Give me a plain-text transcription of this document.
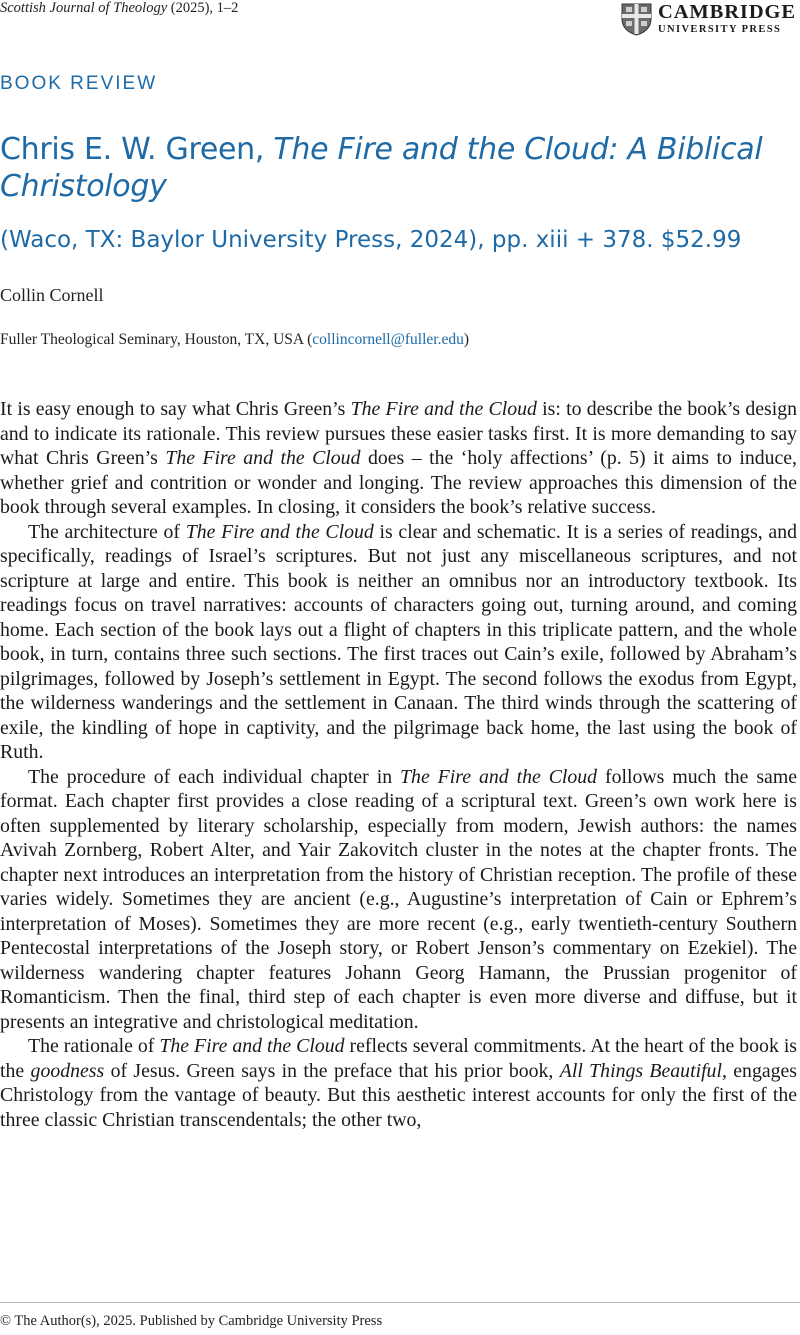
Scottish Journal of Theology (2025), 1–2	CAMBRIDGE
UNIVERSITY PRESS
BOOK REVIEW
Chris E. W. Green, The Fire and the Cloud: A Biblical Christology
(Waco, TX: Baylor University Press, 2024), pp. xiii + 378. $52.99
Collin Cornell
Fuller Theological Seminary, Houston, TX, USA (collincornell@fuller.edu)

It is easy enough to say what Chris Green’s The Fire and the Cloud is: to describe the book’s design and to indicate its rationale. This review pursues these easier tasks first. It is more demanding to say what Chris Green’s The Fire and the Cloud does – the ‘holy affections’ (p. 5) it aims to induce, whether grief and contrition or wonder and longing. The review approaches this dimension of the book through several examples. In closing, it considers the book’s relative success.

The architecture of The Fire and the Cloud is clear and schematic. It is a series of readings, and specifically, readings of Israel’s scriptures. But not just any miscellaneous scriptures, and not scripture at large and entire. This book is neither an omnibus nor an introductory textbook. Its readings focus on travel narratives: accounts of characters going out, turning around, and coming home. Each section of the book lays out a flight of chapters in this triplicate pattern, and the whole book, in turn, contains three such sections. The first traces out Cain’s exile, followed by Abraham’s pilgrimages, followed by Joseph’s settlement in Egypt. The second follows the exodus from Egypt, the wilderness wanderings and the settlement in Canaan. The third winds through the scattering of exile, the kindling of hope in captivity, and the pilgrimage back home, the last using the book of Ruth.

The procedure of each individual chapter in The Fire and the Cloud follows much the same format. Each chapter first provides a close reading of a scriptural text. Green’s own work here is often supplemented by literary scholarship, especially from modern, Jewish authors: the names Avivah Zornberg, Robert Alter, and Yair Zakovitch cluster in the notes at the chapter fronts. The chapter next introduces an interpretation from the history of Christian reception. The profile of these varies widely. Sometimes they are ancient (e.g., Augustine’s interpretation of Cain or Ephrem’s interpretation of Moses). Sometimes they are more recent (e.g., early twentieth-century Southern Pentecostal interpretations of the Joseph story, or Robert Jenson’s commentary on Ezekiel). The wilderness wandering chapter features Johann Georg Hamann, the Prussian progenitor of Romanticism. Then the final, third step of each chapter is even more diverse and diffuse, but it presents an integrative and christological meditation.

The rationale of The Fire and the Cloud reflects several commitments. At the heart of the book is the goodness of Jesus. Green says in the preface that his prior book, All Things Beautiful, engages Christology from the vantage of beauty. But this aesthetic interest accounts for only the first of the three classic Christian transcendentals; the other two,

© The Author(s), 2025. Published by Cambridge University Press
